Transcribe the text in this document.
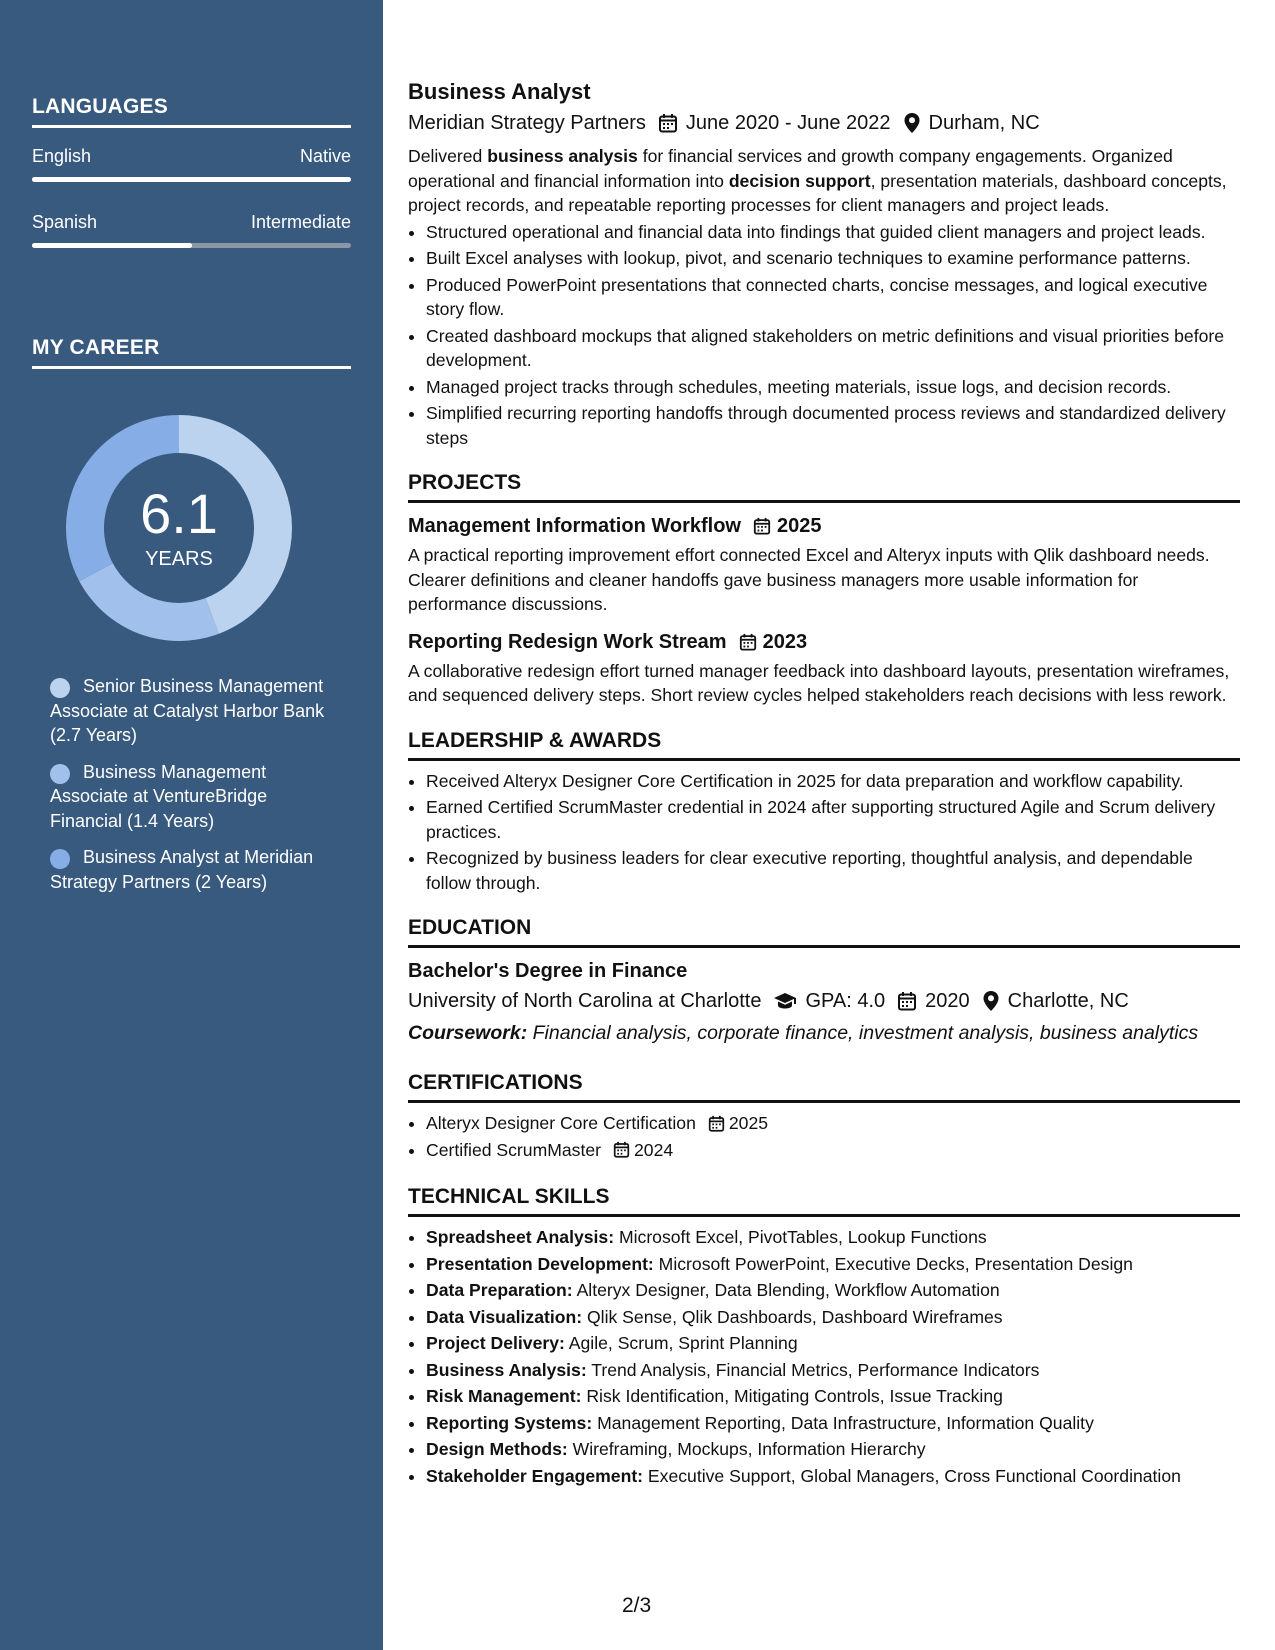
LANGUAGES
English	Native
Spanish	Intermediate
MY CAREER
6.1
YEARS
Senior Business Management Associate at Catalyst Harbor Bank (2.7 Years)
Business Management Associate at VentureBridge Financial (1.4 Years)
Business Analyst at Meridian Strategy Partners (2 Years)
Business Analyst
Meridian Strategy Partners June 2020 - June 2022 Durham, NC

Delivered business analysis for financial services and growth company engagements. Organized operational and financial information into decision support, presentation materials, dashboard concepts, project records, and repeatable reporting processes for client managers and project leads.

• Structured operational and financial data into findings that guided client managers and project leads.
• Built Excel analyses with lookup, pivot, and scenario techniques to examine performance patterns.
• Produced PowerPoint presentations that connected charts, concise messages, and logical executive story flow.
• Created dashboard mockups that aligned stakeholders on metric definitions and visual priorities before development.
• Managed project tracks through schedules, meeting materials, issue logs, and decision records.
• Simplified recurring reporting handoffs through documented process reviews and standardized delivery steps
PROJECTS
Management Information Workflow 2025

A practical reporting improvement effort connected Excel and Alteryx inputs with Qlik dashboard needs. Clearer definitions and cleaner handoffs gave business managers more usable information for performance discussions.

Reporting Redesign Work Stream 2023

A collaborative redesign effort turned manager feedback into dashboard layouts, presentation wireframes, and sequenced delivery steps. Short review cycles helped stakeholders reach decisions with less rework.

LEADERSHIP & AWARDS
• Received Alteryx Designer Core Certification in 2025 for data preparation and workflow capability.
• Earned Certified ScrumMaster credential in 2024 after supporting structured Agile and Scrum delivery practices.
• Recognized by business leaders for clear executive reporting, thoughtful analysis, and dependable follow through.
EDUCATION
Bachelor's Degree in Finance
University of North Carolina at Charlotte GPA: 4.0 2020 Charlotte, NC
Coursework: Financial analysis, corporate finance, investment analysis, business analytics
CERTIFICATIONS
• Alteryx Designer Core Certification 2025
• Certified ScrumMaster 2024
TECHNICAL SKILLS
• Spreadsheet Analysis: Microsoft Excel, PivotTables, Lookup Functions
• Presentation Development: Microsoft PowerPoint, Executive Decks, Presentation Design
• Data Preparation: Alteryx Designer, Data Blending, Workflow Automation
• Data Visualization: Qlik Sense, Qlik Dashboards, Dashboard Wireframes
• Project Delivery: Agile, Scrum, Sprint Planning
• Business Analysis: Trend Analysis, Financial Metrics, Performance Indicators
• Risk Management: Risk Identification, Mitigating Controls, Issue Tracking
• Reporting Systems: Management Reporting, Data Infrastructure, Information Quality
• Design Methods: Wireframing, Mockups, Information Hierarchy
• Stakeholder Engagement: Executive Support, Global Managers, Cross Functional Coordination
2/3
